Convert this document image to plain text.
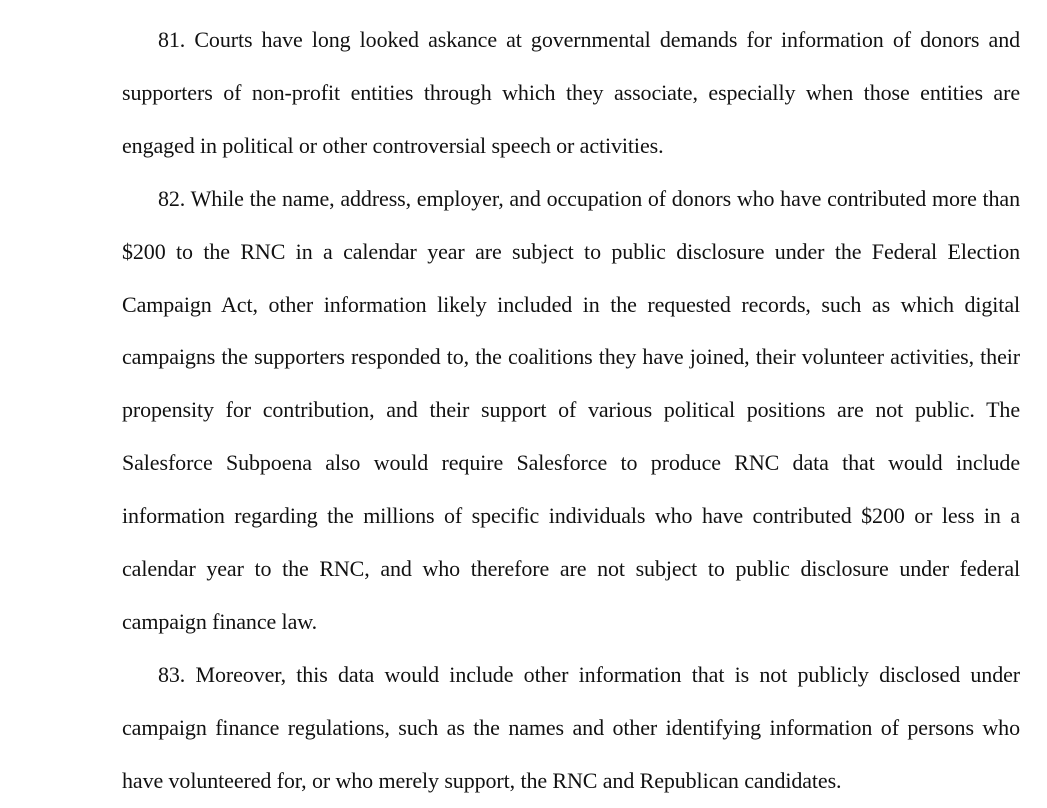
81. Courts have long looked askance at governmental demands for information of donors and supporters of non-profit entities through which they associate, especially when those entities are engaged in political or other controversial speech or activities.

82. While the name, address, employer, and occupation of donors who have contributed more than $200 to the RNC in a calendar year are subject to public disclosure under the Federal Election Campaign Act, other information likely included in the requested records, such as which digital campaigns the supporters responded to, the coalitions they have joined, their volunteer activities, their propensity for contribution, and their support of various political positions are not public. The Salesforce Subpoena also would require Salesforce to produce RNC data that would include information regarding the millions of specific individuals who have contributed $200 or less in a calendar year to the RNC, and who therefore are not subject to public disclosure under federal campaign finance law.

83. Moreover, this data would include other information that is not publicly disclosed under campaign finance regulations, such as the names and other identifying information of persons who have volunteered for, or who merely support, the RNC and Republican candidates.
